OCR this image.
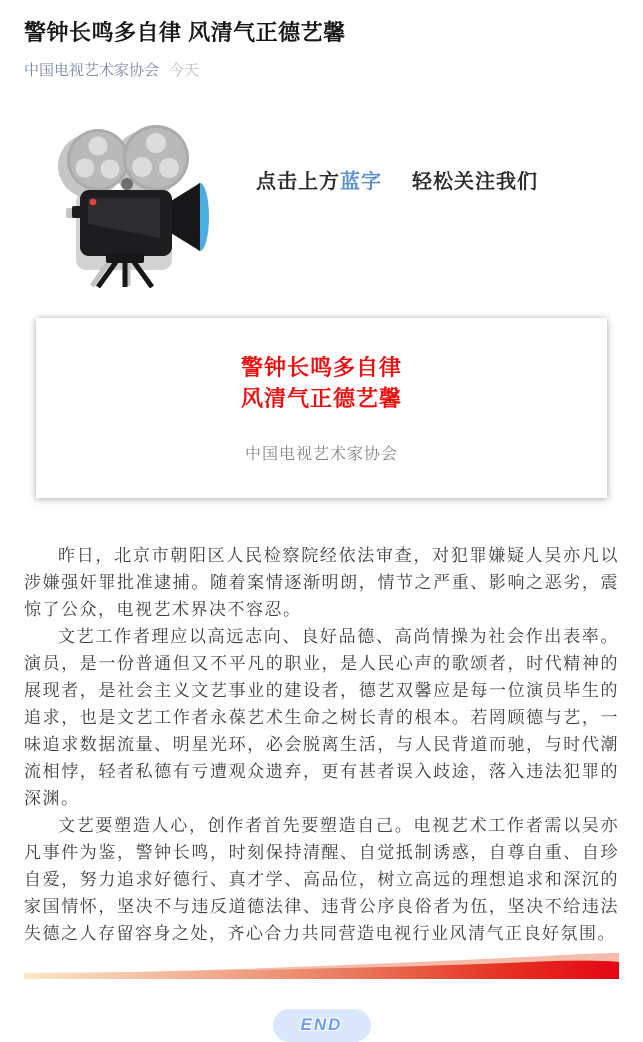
警钟长鸣多自律 风清气正德艺馨
中国电视艺术家协会 今天
点击上方蓝字 轻松关注我们
警钟长鸣多自律
风清气正德艺馨
中国电视艺术家协会

昨日，北京市朝阳区人民检察院经依法审查，对犯罪嫌疑人吴亦凡以涉嫌强奸罪批准逮捕。随着案情逐渐明朗，情节之严重、影响之恶劣，震惊了公众，电视艺术界决不容忍。

文艺工作者理应以高远志向、良好品德、高尚情操为社会作出表率。演员，是一份普通但又不平凡的职业，是人民心声的歌颂者，时代精神的展现者，是社会主义文艺事业的建设者，德艺双馨应是每一位演员毕生的追求，也是文艺工作者永葆艺术生命之树长青的根本。若罔顾德与艺，一味追求数据流量、明星光环，必会脱离生活，与人民背道而驰，与时代潮流相悖，轻者私德有亏遭观众遗弃，更有甚者误入歧途，落入违法犯罪的深渊。

文艺要塑造人心，创作者首先要塑造自己。电视艺术工作者需以吴亦凡事件为鉴，警钟长鸣，时刻保持清醒、自觉抵制诱惑，自尊自重、自珍自爱，努力追求好德行、真才学、高品位，树立高远的理想追求和深沉的家国情怀，坚决不与违反道德法律、违背公序良俗者为伍，坚决不给违法失德之人存留容身之处，齐心合力共同营造电视行业风清气正良好氛围。

END
